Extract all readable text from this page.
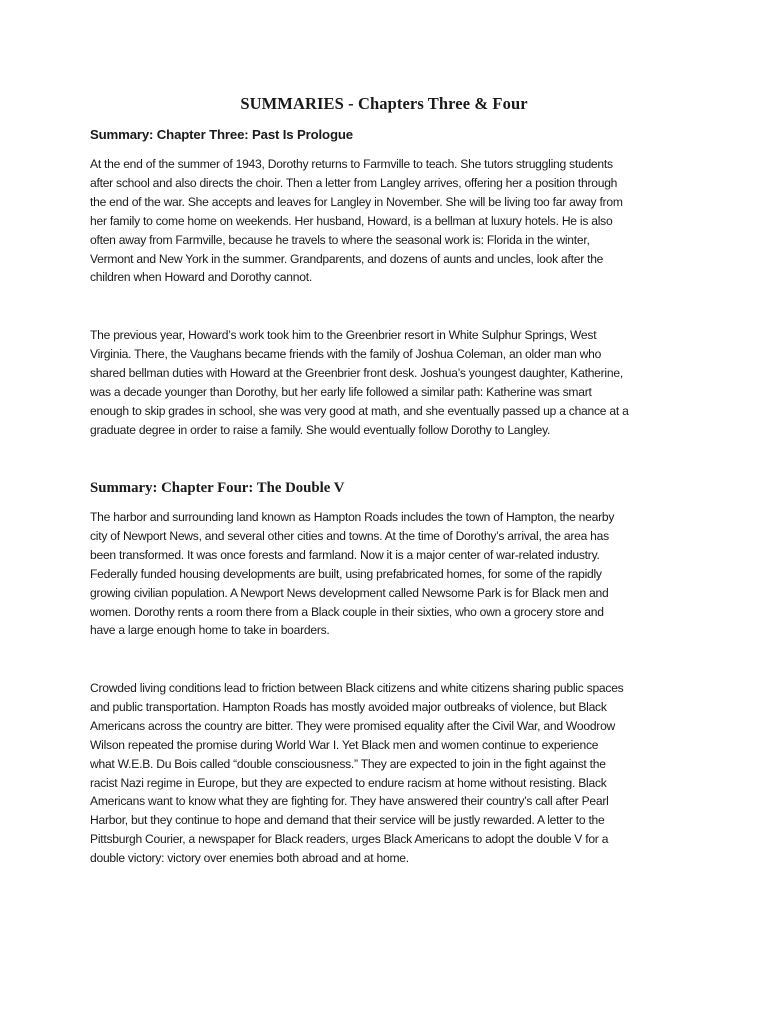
SUMMARIES - Chapters Three & Four
Summary: Chapter Three: Past Is Prologue

At the end of the summer of 1943, Dorothy returns to Farmville to teach. She tutors struggling students
after school and also directs the choir. Then a letter from Langley arrives, offering her a position through
the end of the war. She accepts and leaves for Langley in November. She will be living too far away from
her family to come home on weekends. Her husband, Howard, is a bellman at luxury hotels. He is also
often away from Farmville, because he travels to where the seasonal work is: Florida in the winter,
Vermont and New York in the summer. Grandparents, and dozens of aunts and uncles, look after the
children when Howard and Dorothy cannot.

The previous year, Howard’s work took him to the Greenbrier resort in White Sulphur Springs, West
Virginia. There, the Vaughans became friends with the family of Joshua Coleman, an older man who
shared bellman duties with Howard at the Greenbrier front desk. Joshua’s youngest daughter, Katherine,
was a decade younger than Dorothy, but her early life followed a similar path: Katherine was smart
enough to skip grades in school, she was very good at math, and she eventually passed up a chance at a
graduate degree in order to raise a family. She would eventually follow Dorothy to Langley.

Summary: Chapter Four: The Double V

The harbor and surrounding land known as Hampton Roads includes the town of Hampton, the nearby
city of Newport News, and several other cities and towns. At the time of Dorothy’s arrival, the area has
been transformed. It was once forests and farmland. Now it is a major center of war-related industry.
Federally funded housing developments are built, using prefabricated homes, for some of the rapidly
growing civilian population. A Newport News development called Newsome Park is for Black men and
women. Dorothy rents a room there from a Black couple in their sixties, who own a grocery store and
have a large enough home to take in boarders.

Crowded living conditions lead to friction between Black citizens and white citizens sharing public spaces
and public transportation. Hampton Roads has mostly avoided major outbreaks of violence, but Black
Americans across the country are bitter. They were promised equality after the Civil War, and Woodrow
Wilson repeated the promise during World War I. Yet Black men and women continue to experience
what W.E.B. Du Bois called “double consciousness.” They are expected to join in the fight against the
racist Nazi regime in Europe, but they are expected to endure racism at home without resisting. Black
Americans want to know what they are fighting for. They have answered their country’s call after Pearl
Harbor, but they continue to hope and demand that their service will be justly rewarded. A letter to the
Pittsburgh Courier, a newspaper for Black readers, urges Black Americans to adopt the double V for a
double victory: victory over enemies both abroad and at home.
